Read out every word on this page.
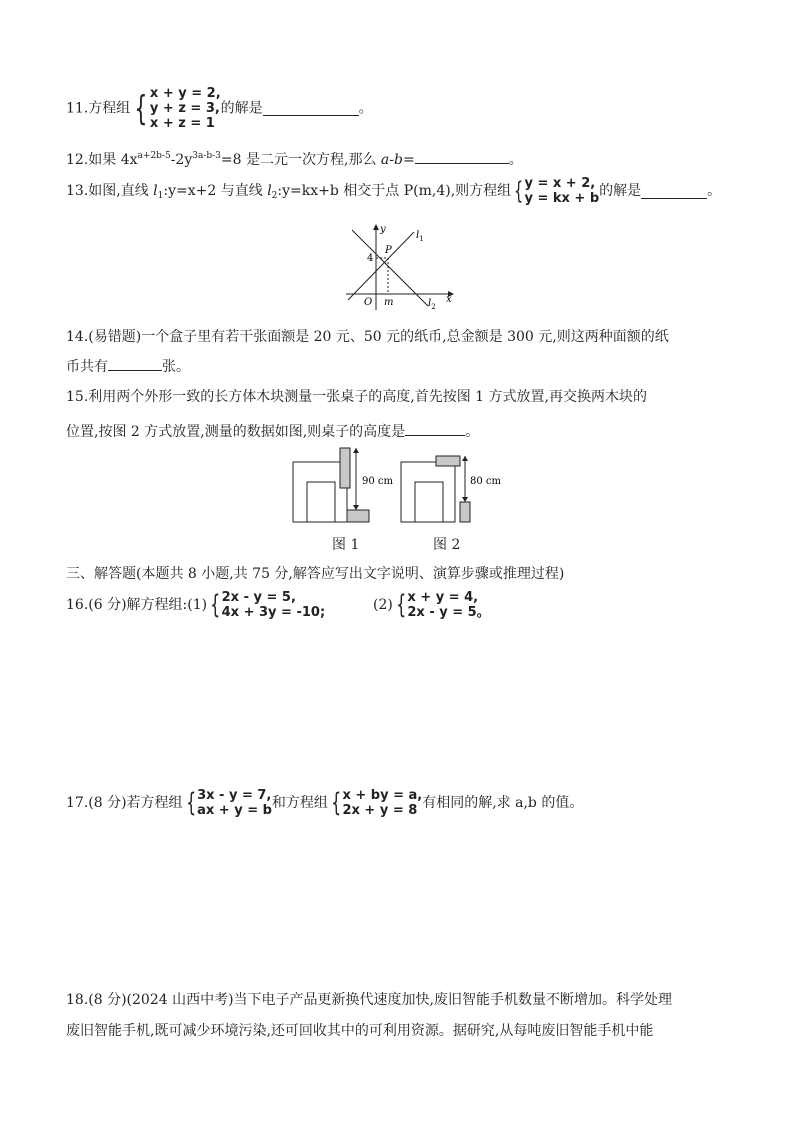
11.方程组 { x + y = 2,
y + z = 3,
x + z = 1
的解是	。
12.如果 $4x^{a+2b-5}-2y^{3a-b-3}=8$ 是二元一次方程,那么 a-b=	。
13.如图,直线 $l_1:y=x+2$ 与直线 $l_2:y=kx+b$ 相交于点 P(m,4),则方程组 { y = x + 2,
y = kx + b 的解是	。
y
x
O m
4
P
$l_1$
$l_2$
14.(易错题)一个盒子里有若干张面额是 20 元、50 元的纸币,总金额是 300 元,则这两种面额的纸
币共有	张。
15.利用两个外形一致的长方体木块测量一张桌子的高度,首先按图 1 方式放置,再交换两木块的
位置,按图 2 方式放置,测量的数据如图,则桌子的高度是	。
90 cm
图 1
80 cm
图 2
三、解答题(本题共 8 小题,共 75 分,解答应写出文字说明、演算步骤或推理过程)
16.(6 分)解方程组:(1) { 2x - y = 5,
4x + 3y = -10;	(2) { x + y = 4,
2x - y = 5。
17.(8 分)若方程组 { 3x - y = 7,
ax + y = b 和方程组 { x + by = a,
2x + y = 8 有相同的解,求 a,b 的值。
18.(8 分)(2024 山西中考)当下电子产品更新换代速度加快,废旧智能手机数量不断增加。科学处理
废旧智能手机,既可减少环境污染,还可回收其中的可利用资源。据研究,从每吨废旧智能手机中能
